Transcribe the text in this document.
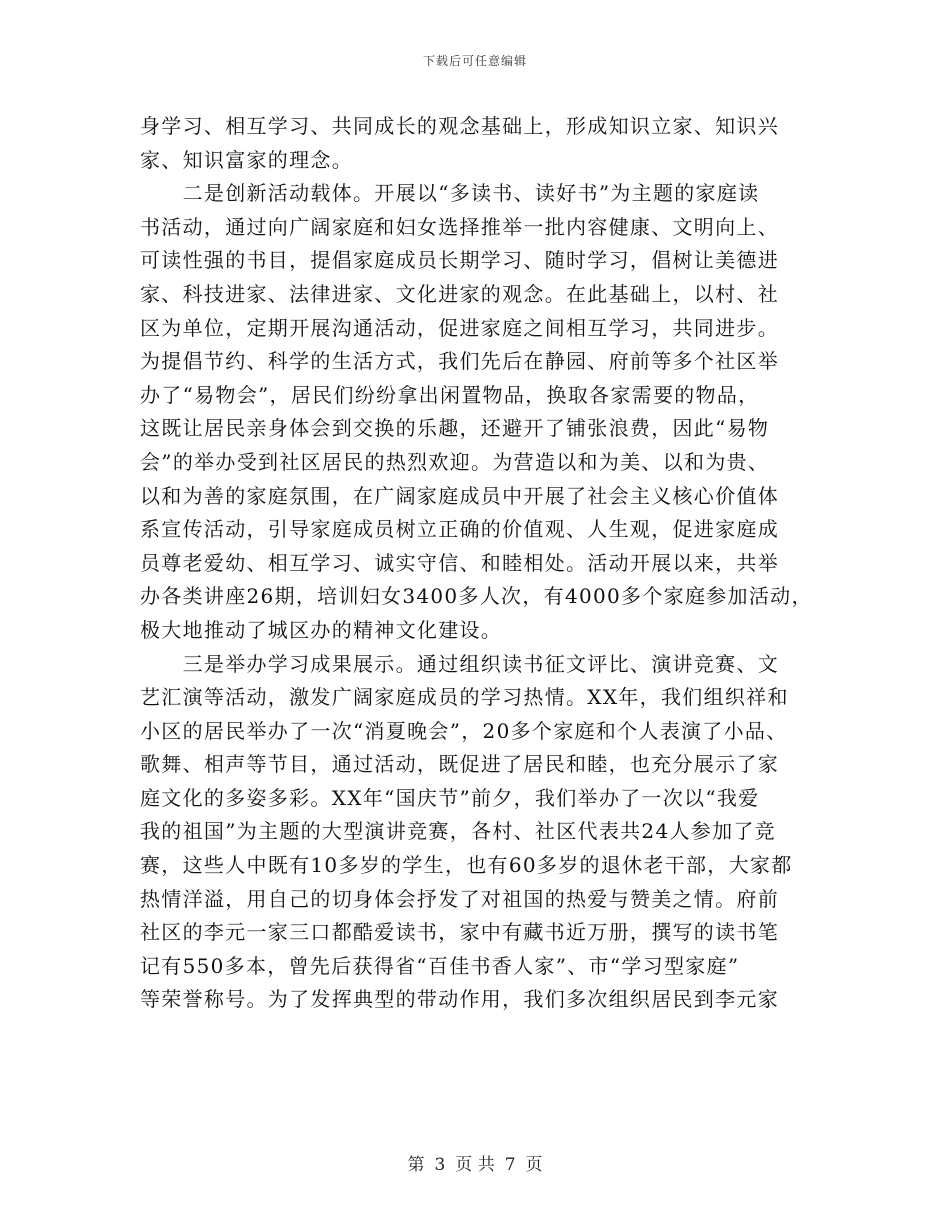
下载后可任意编辑
身学习、相互学习、共同成长的观念基础上，形成知识立家、知识兴
家、知识富家的理念。
　　二是创新活动载体。开展以“多读书、读好书”为主题的家庭读
书活动，通过向广阔家庭和妇女选择推举一批内容健康、文明向上、
可读性强的书目，提倡家庭成员长期学习、随时学习，倡树让美德进
家、科技进家、法律进家、文化进家的观念。在此基础上，以村、社
区为单位，定期开展沟通活动，促进家庭之间相互学习，共同进步。
为提倡节约、科学的生活方式，我们先后在静园、府前等多个社区举
办了“易物会”，居民们纷纷拿出闲置物品，换取各家需要的物品，
这既让居民亲身体会到交换的乐趣，还避开了铺张浪费，因此“易物
会”的举办受到社区居民的热烈欢迎。为营造以和为美、以和为贵、
以和为善的家庭氛围，在广阔家庭成员中开展了社会主义核心价值体
系宣传活动，引导家庭成员树立正确的价值观、人生观，促进家庭成
员尊老爱幼、相互学习、诚实守信、和睦相处。活动开展以来，共举
办各类讲座26期，培训妇女3400多人次，有4000多个家庭参加活动，
极大地推动了城区办的精神文化建设。
　　三是举办学习成果展示。通过组织读书征文评比、演讲竞赛、文
艺汇演等活动，激发广阔家庭成员的学习热情。XX年，我们组织祥和
小区的居民举办了一次“消夏晚会”，20多个家庭和个人表演了小品、
歌舞、相声等节目，通过活动，既促进了居民和睦，也充分展示了家
庭文化的多姿多彩。XX年“国庆节”前夕，我们举办了一次以“我爱
我的祖国”为主题的大型演讲竞赛，各村、社区代表共24人参加了竞
赛，这些人中既有10多岁的学生，也有60多岁的退休老干部，大家都
热情洋溢，用自己的切身体会抒发了对祖国的热爱与赞美之情。府前
社区的李元一家三口都酷爱读书，家中有藏书近万册，撰写的读书笔
记有550多本，曾先后获得省“百佳书香人家”、市“学习型家庭”
等荣誉称号。为了发挥典型的带动作用，我们多次组织居民到李元家
第 3 页 共 7 页
